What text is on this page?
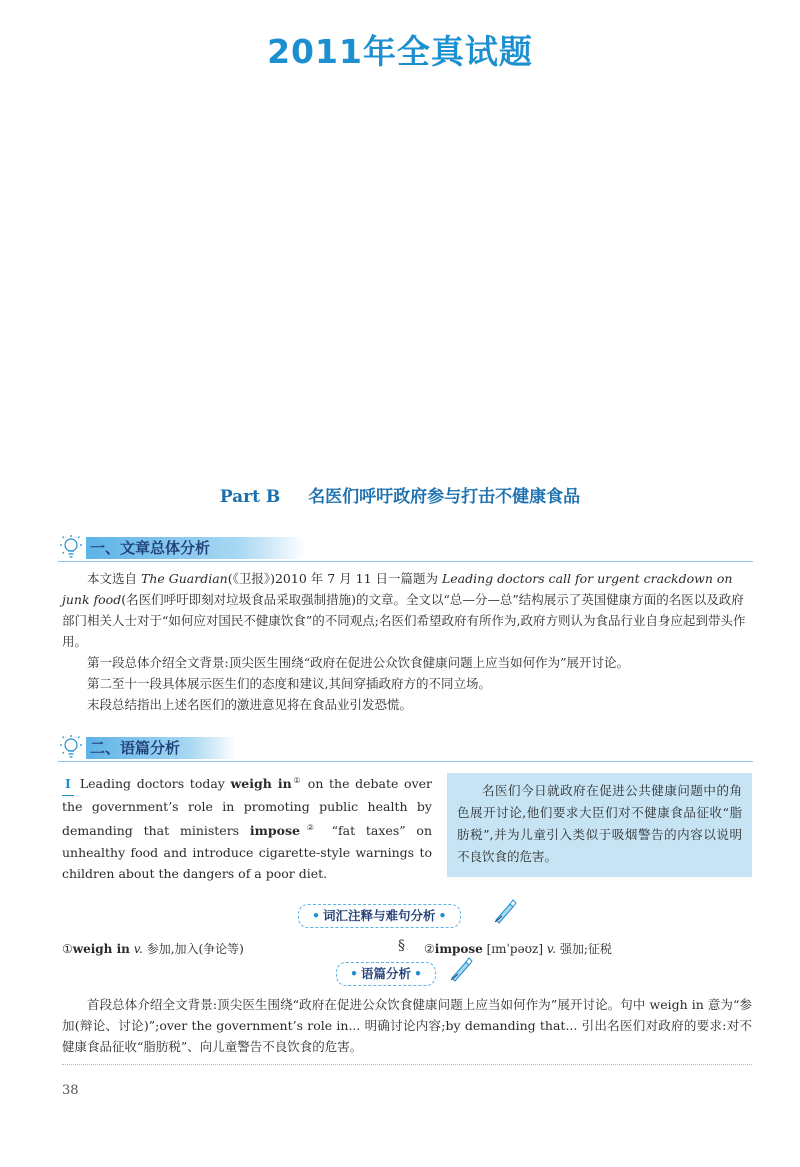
2011年全真试题
Part B 名医们呼吁政府参与打击不健康食品
一、文章总体分析

本文选自 The Guardian(《卫报》)2010 年 7 月 11 日一篇题为 Leading doctors call for urgent crackdown on junk food(名医们呼吁即刻对垃圾食品采取强制措施)的文章。全文以“总—分—总”结构展示了英国健康方面的名医以及政府部门相关人士对于“如何应对国民不健康饮食”的不同观点;名医们希望政府有所作为,政府方则认为食品行业自身应起到带头作用。

第一段总体介绍全文背景:顶尖医生围绕“政府在促进公众饮食健康问题上应当如何作为”展开讨论。

第二至十一段具体展示医生们的态度和建议,其间穿插政府方的不同立场。

末段总结指出上述名医们的激进意见将在食品业引发恐慌。

二、语篇分析
I Leading doctors today weigh in① on the debate over the government’s role in promoting public health by demanding that ministers impose② “fat taxes” on unhealthy food and introduce cigarette-style warnings to children about the dangers of a poor diet.
名医们今日就政府在促进公共健康问题中的角色展开讨论,他们要求大臣们对不健康食品征收“脂肪税”,并为儿童引入类似于吸烟警告的内容以说明不良饮食的危害。
• 词汇注释与难句分析 •
①weigh in v. 参加,加入(争论等)	§ ②impose [ɪmˈpəʊz] v. 强加;征税
• 语篇分析 •
首段总体介绍全文背景:顶尖医生围绕“政府在促进公众饮食健康问题上应当如何作为”展开讨论。句中 weigh in 意为“参加(辩论、讨论)”;over the government’s role in... 明确讨论内容;by demanding that... 引出名医们对政府的要求:对不健康食品征收“脂肪税”、向儿童警告不良饮食的危害。
38
